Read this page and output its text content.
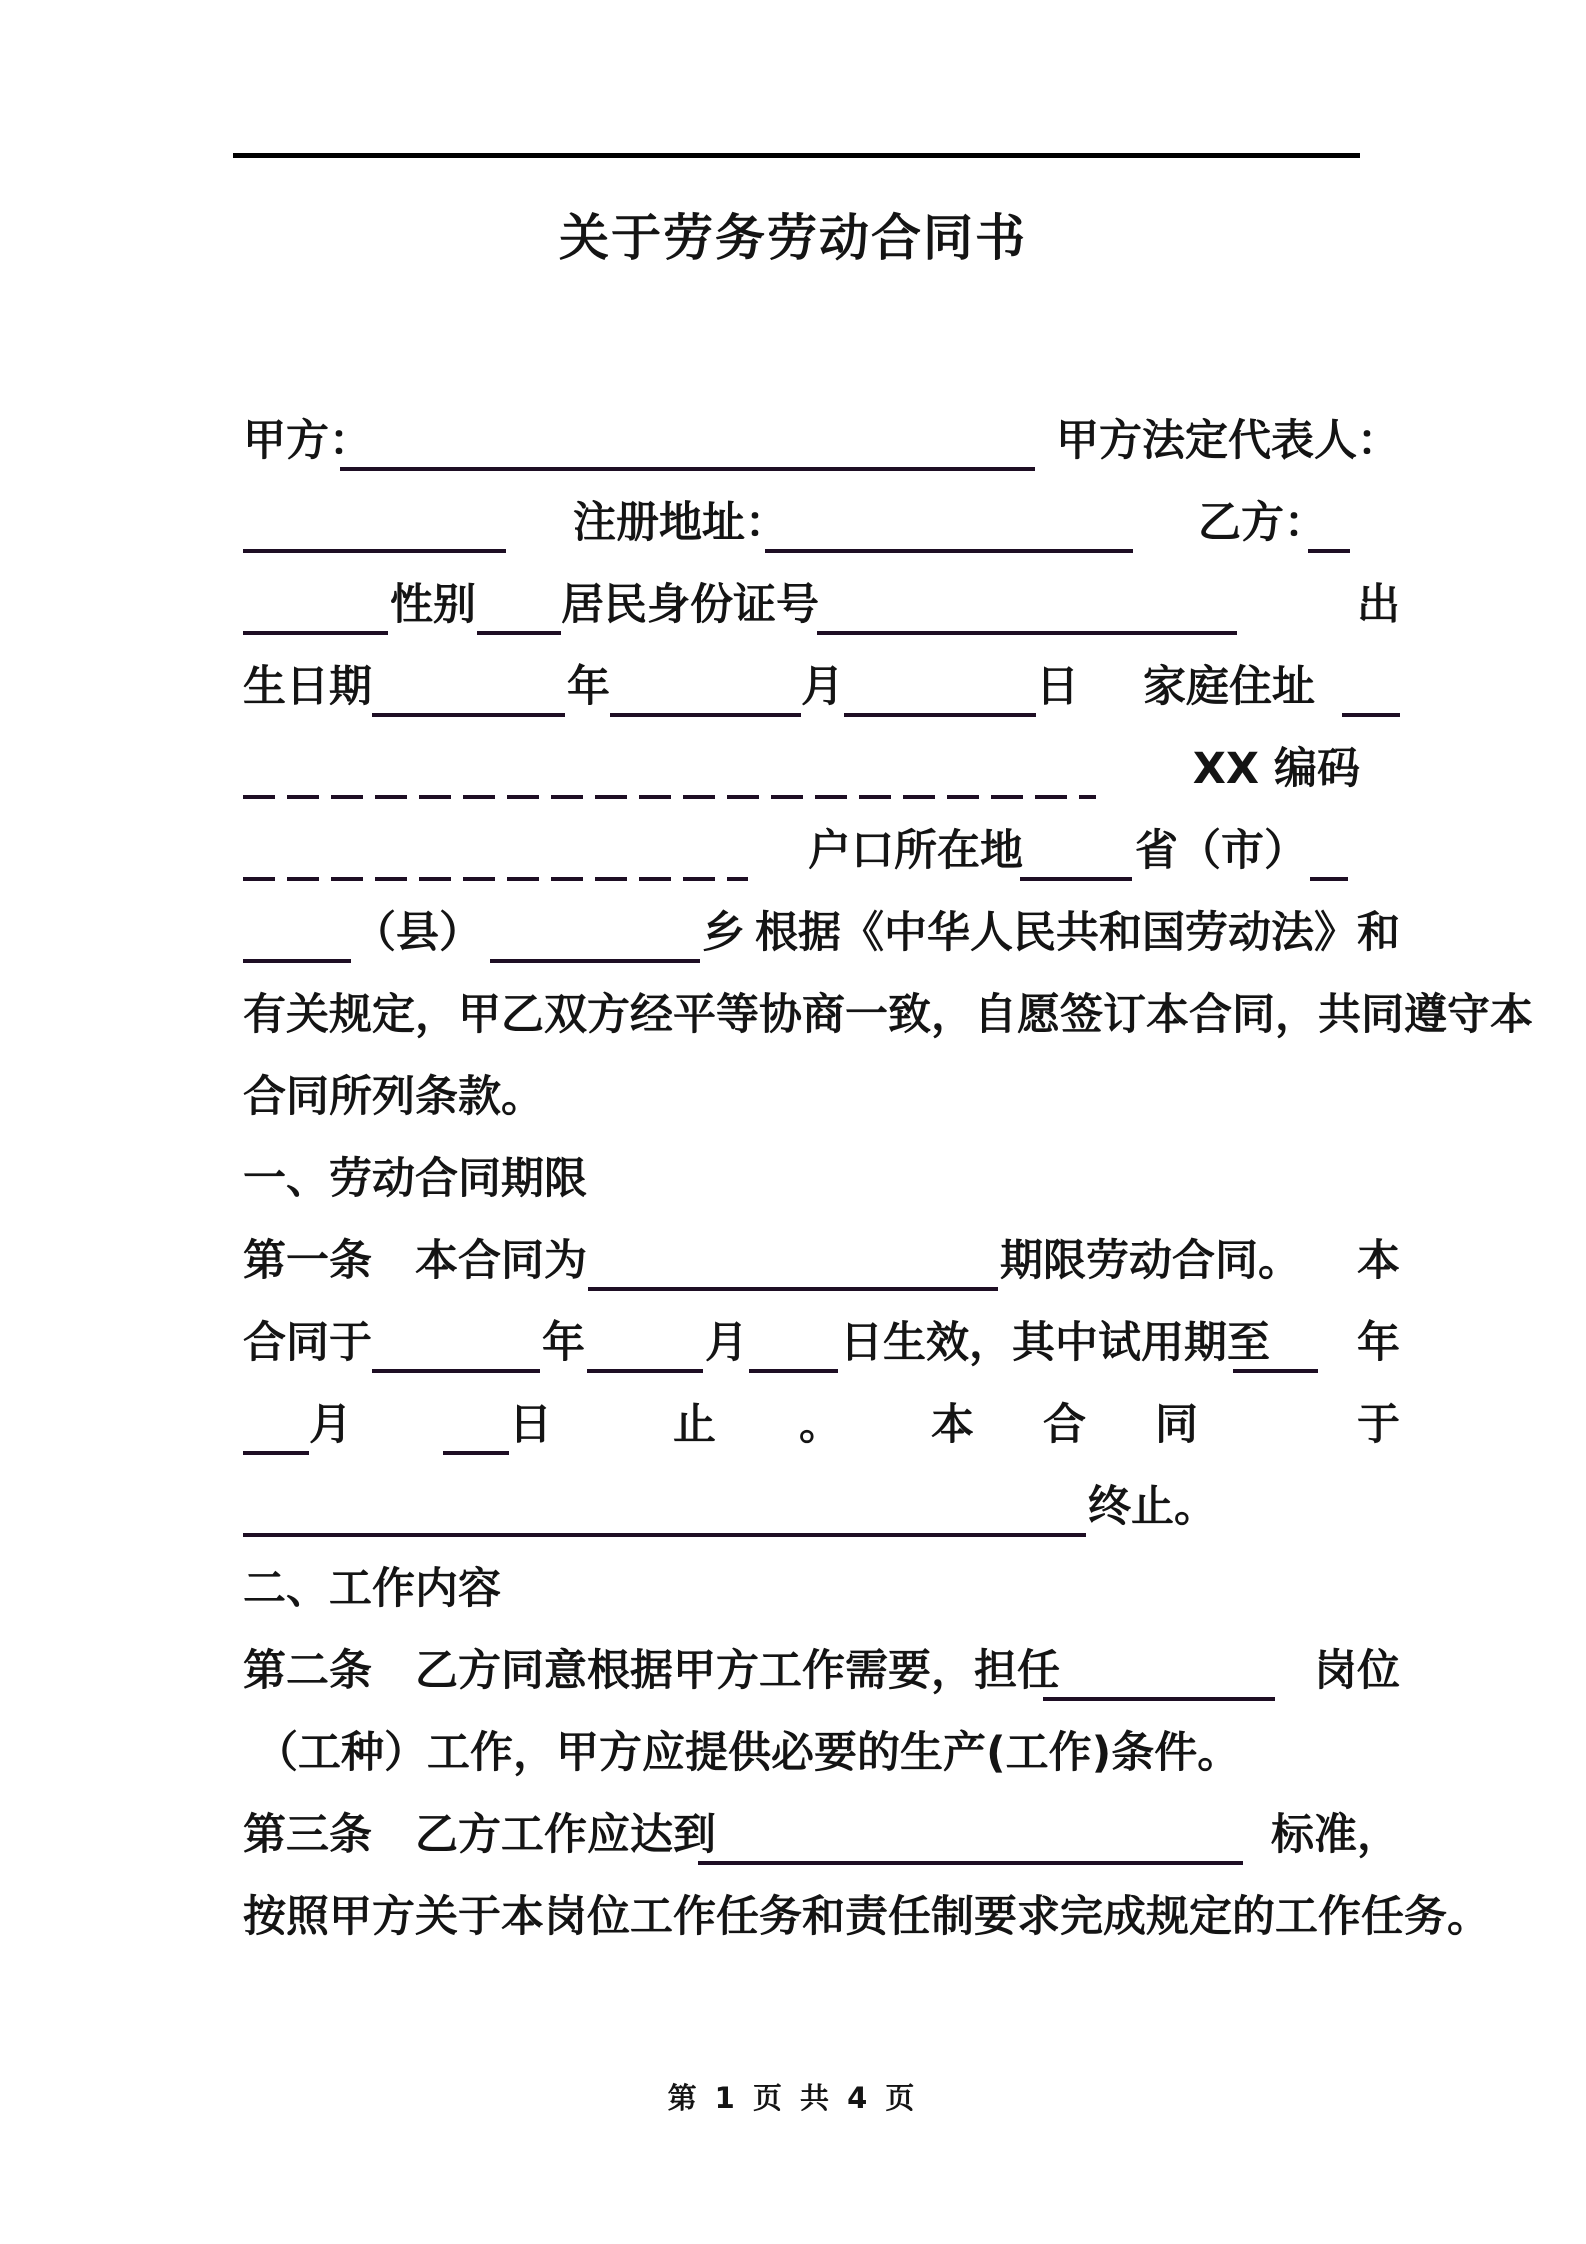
关于劳务劳动合同书
甲方：	甲方法定代表人：
注册地址：	乙方：
性别 居民身份证号	出
生日期	年	月	日 家庭住址
XX 编码
户口所在地	省（市）
（县）	乡 根据《中华人民共和国劳动法》和
有关规定，甲乙双方经平等协商一致，自愿签订本合同，共同遵守本
合同所列条款。
一、劳动合同期限
第一条　本合同为	期限劳动合同。 本
合同于	年	月 日生效，其中试用期至 年
月	日	止 。 本 合 同	于
终止。
二、工作内容
第二条　乙方同意根据甲方工作需要，担任	岗位
（工种）工作，甲方应提供必要的生产(工作)条件。
第三条　乙方工作应达到	标准，
按照甲方关于本岗位工作任务和责任制要求完成规定的工作任务。
第 1 页 共 4 页
